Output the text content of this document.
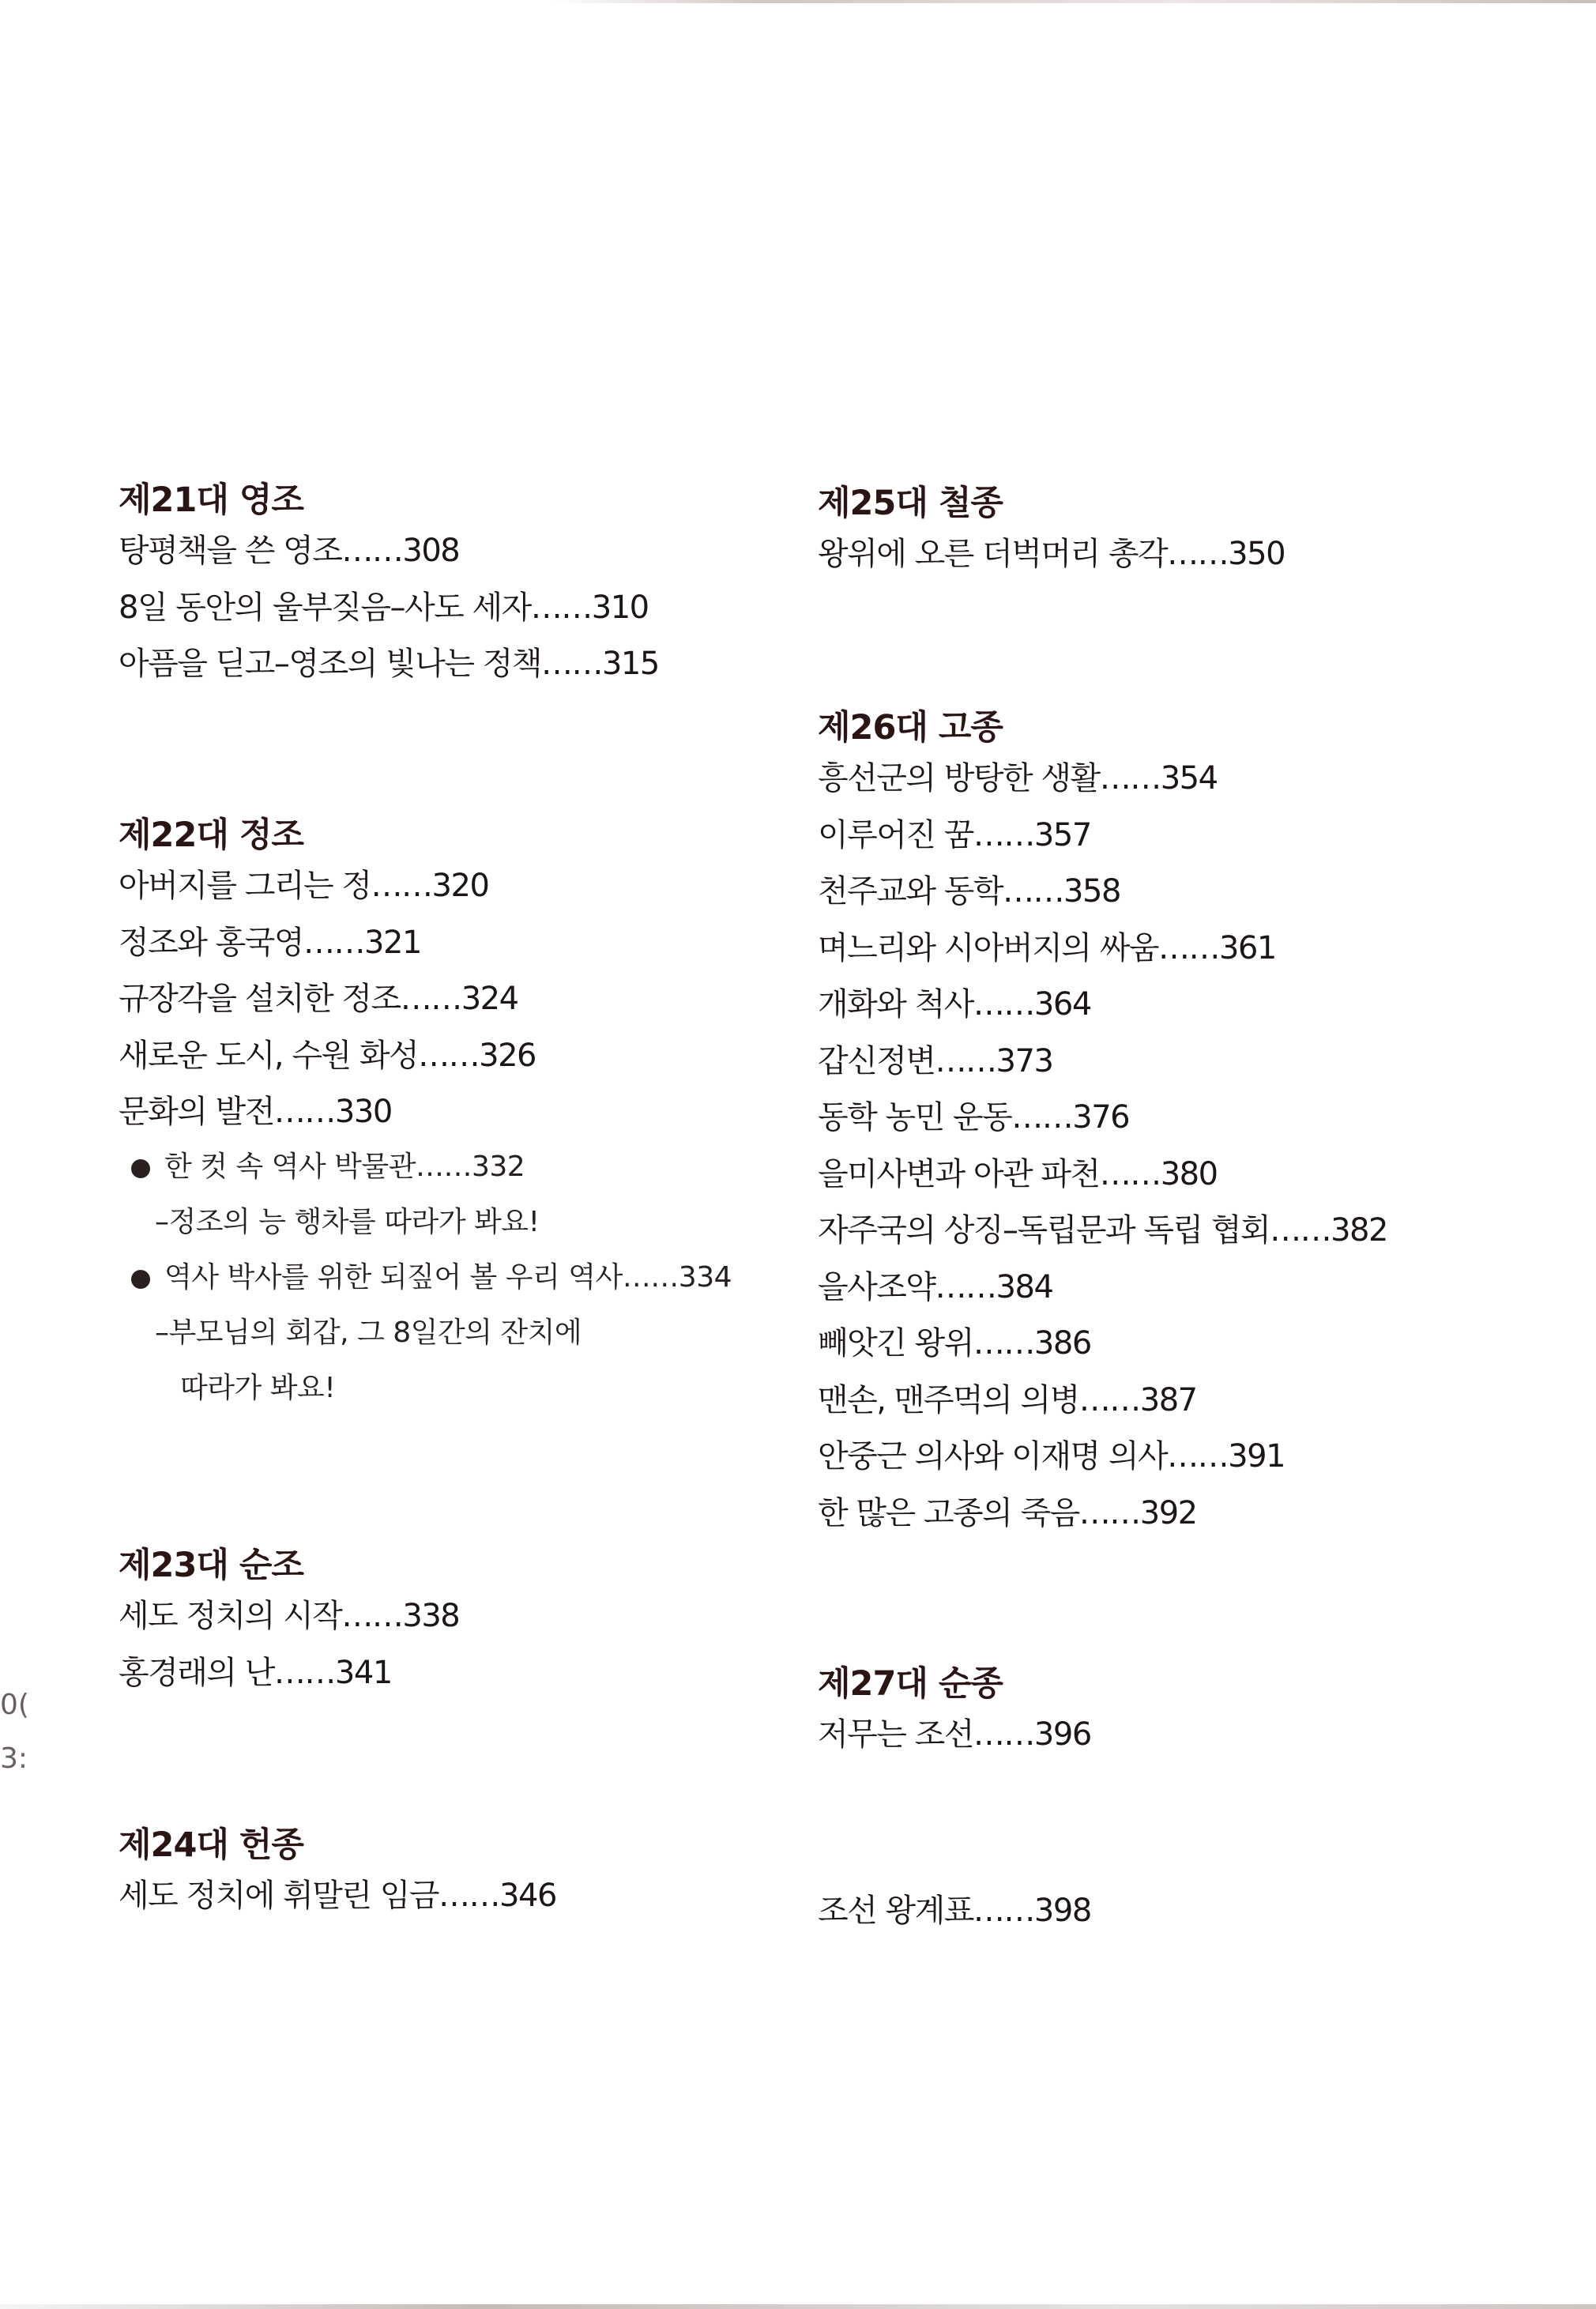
0(
3:
제21대 영조
탕평책을 쓴 영조……308
8일 동안의 울부짖음–사도 세자……310
아픔을 딛고–영조의 빛나는 정책……315
제22대 정조
아버지를 그리는 정……320
정조와 홍국영……321
규장각을 설치한 정조……324
새로운 도시, 수원 화성……326
문화의 발전……330
한 컷 속 역사 박물관……332
–정조의 능 행차를 따라가 봐요!
역사 박사를 위한 되짚어 볼 우리 역사……334
–부모님의 회갑, 그 8일간의 잔치에
따라가 봐요!
제23대 순조
세도 정치의 시작……338
홍경래의 난……341
제24대 헌종
세도 정치에 휘말린 임금……346
제25대 철종
왕위에 오른 더벅머리 총각……350
제26대 고종
흥선군의 방탕한 생활……354
이루어진 꿈……357
천주교와 동학……358
며느리와 시아버지의 싸움……361
개화와 척사……364
갑신정변……373
동학 농민 운동……376
을미사변과 아관 파천……380
자주국의 상징–독립문과 독립 협회……382
을사조약……384
빼앗긴 왕위……386
맨손, 맨주먹의 의병……387
안중근 의사와 이재명 의사……391
한 많은 고종의 죽음……392
제27대 순종
저무는 조선……396
조선 왕계표……398
